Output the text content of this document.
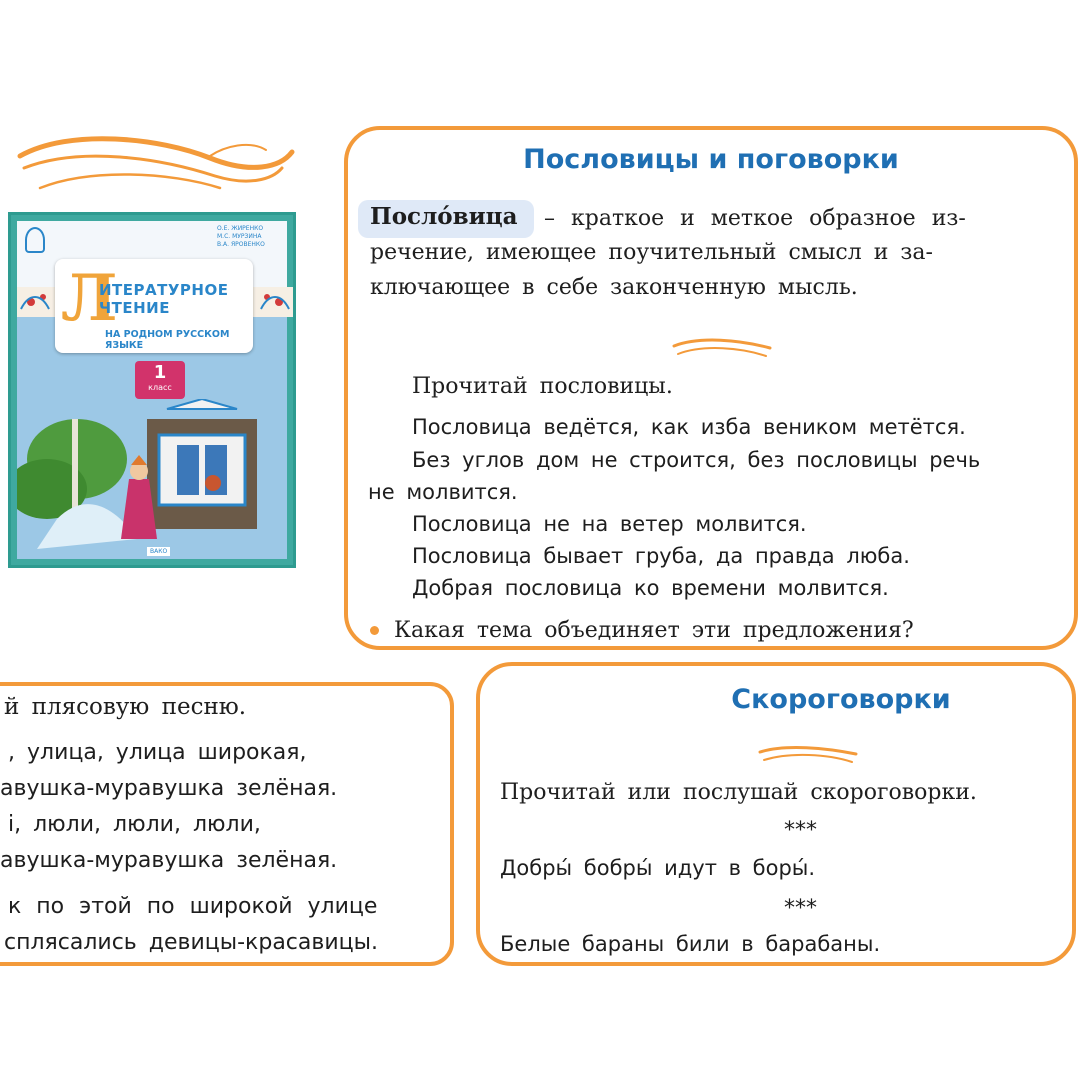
О.Е. ЖИРЕНКО
М.С. МУРЗИНА
В.А. ЯРОВЕНКО
Л
ИТЕРАТУРНОЕ
ЧТЕНИЕ
НА РОДНОМ РУССКОМ ЯЗЫКЕ
1
класс
ВАКО
Пословицы и поговорки
Посло́вица – краткое и меткое образное из-
речение, имеющее поучительный смысл и за-
ключающее в себе законченную мысль.
Прочитай пословицы.
Пословица ведётся, как изба веником метётся.
Без углов дом не строится, без пословицы речь
не молвится.
Пословица не на ветер молвится.
Пословица бывает груба, да правда люба.
Добрая пословица ко времени молвится.
Какая тема объединяет эти предложения?
й плясовую песню.
, улица, улица широкая,
авушка-муравушка зелёная.
і, люли, люли, люли,
авушка-муравушка зелёная.
к по этой по широкой улице
сплясались девицы-красавицы.
Скороговорки
Прочитай или послушай скороговорки.
***
Добры́ бобры́ идут в боры́.
***
Белые бараны били в барабаны.
